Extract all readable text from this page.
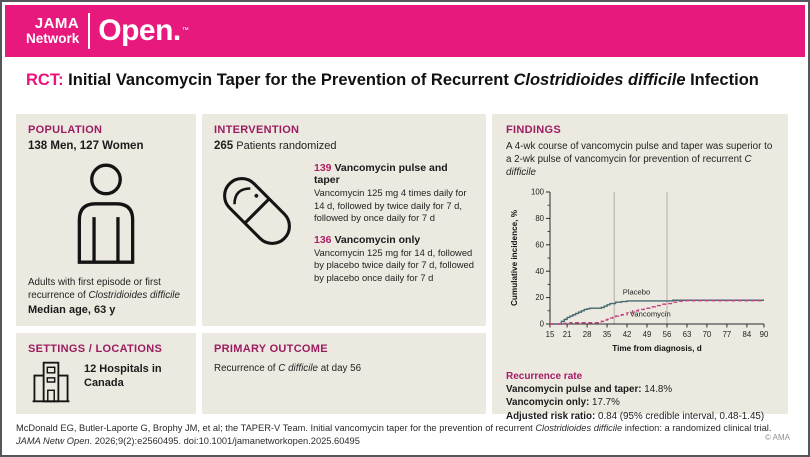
JAMA
Network Open.™
RCT: Initial Vancomycin Taper for the Prevention of Recurrent Clostridioides difficile Infection
POPULATION
138 Men, 127 Women
Adults with first episode or first recurrence of Clostridioides difficile
Median age, 63 y
SETTINGS / LOCATIONS
12 Hospitals in Canada
INTERVENTION
265 Patients randomized
139 Vancomycin pulse and taper
Vancomycin 125 mg 4 times daily for 14 d, followed by twice daily for 7 d, followed by once daily for 7 d
136 Vancomycin only
Vancomycin 125 mg for 14 d, followed by placebo twice daily for 7 d, followed by placebo once daily for 7 d
PRIMARY OUTCOME
Recurrence of C difficile at day 56
FINDINGS
A 4-wk course of vancomycin pulse and taper was superior to a 2-wk pulse of vancomycin for prevention of recurrent C difficile
0
20
40
60
80
100
15 21 28 35 42 49 56 63 70 77 84 90
Time from diagnosis, d
Cumulative incidence, %	Placebo
Vancomycin
Recurrence rate
Vancomycin pulse and taper: 14.8%
Vancomycin only: 17.7%
Adjusted risk ratio: 0.84 (95% credible interval, 0.48-1.45)
McDonald EG, Butler-Laporte G, Brophy JM, et al; the TAPER-V Team. Initial vancomycin taper for the prevention of recurrent Clostridioides difficile infection: a randomized clinical trial.
JAMA Netw Open. 2026;9(2):e2560495. doi:10.1001/jamanetworkopen.2025.60495	© AMA
